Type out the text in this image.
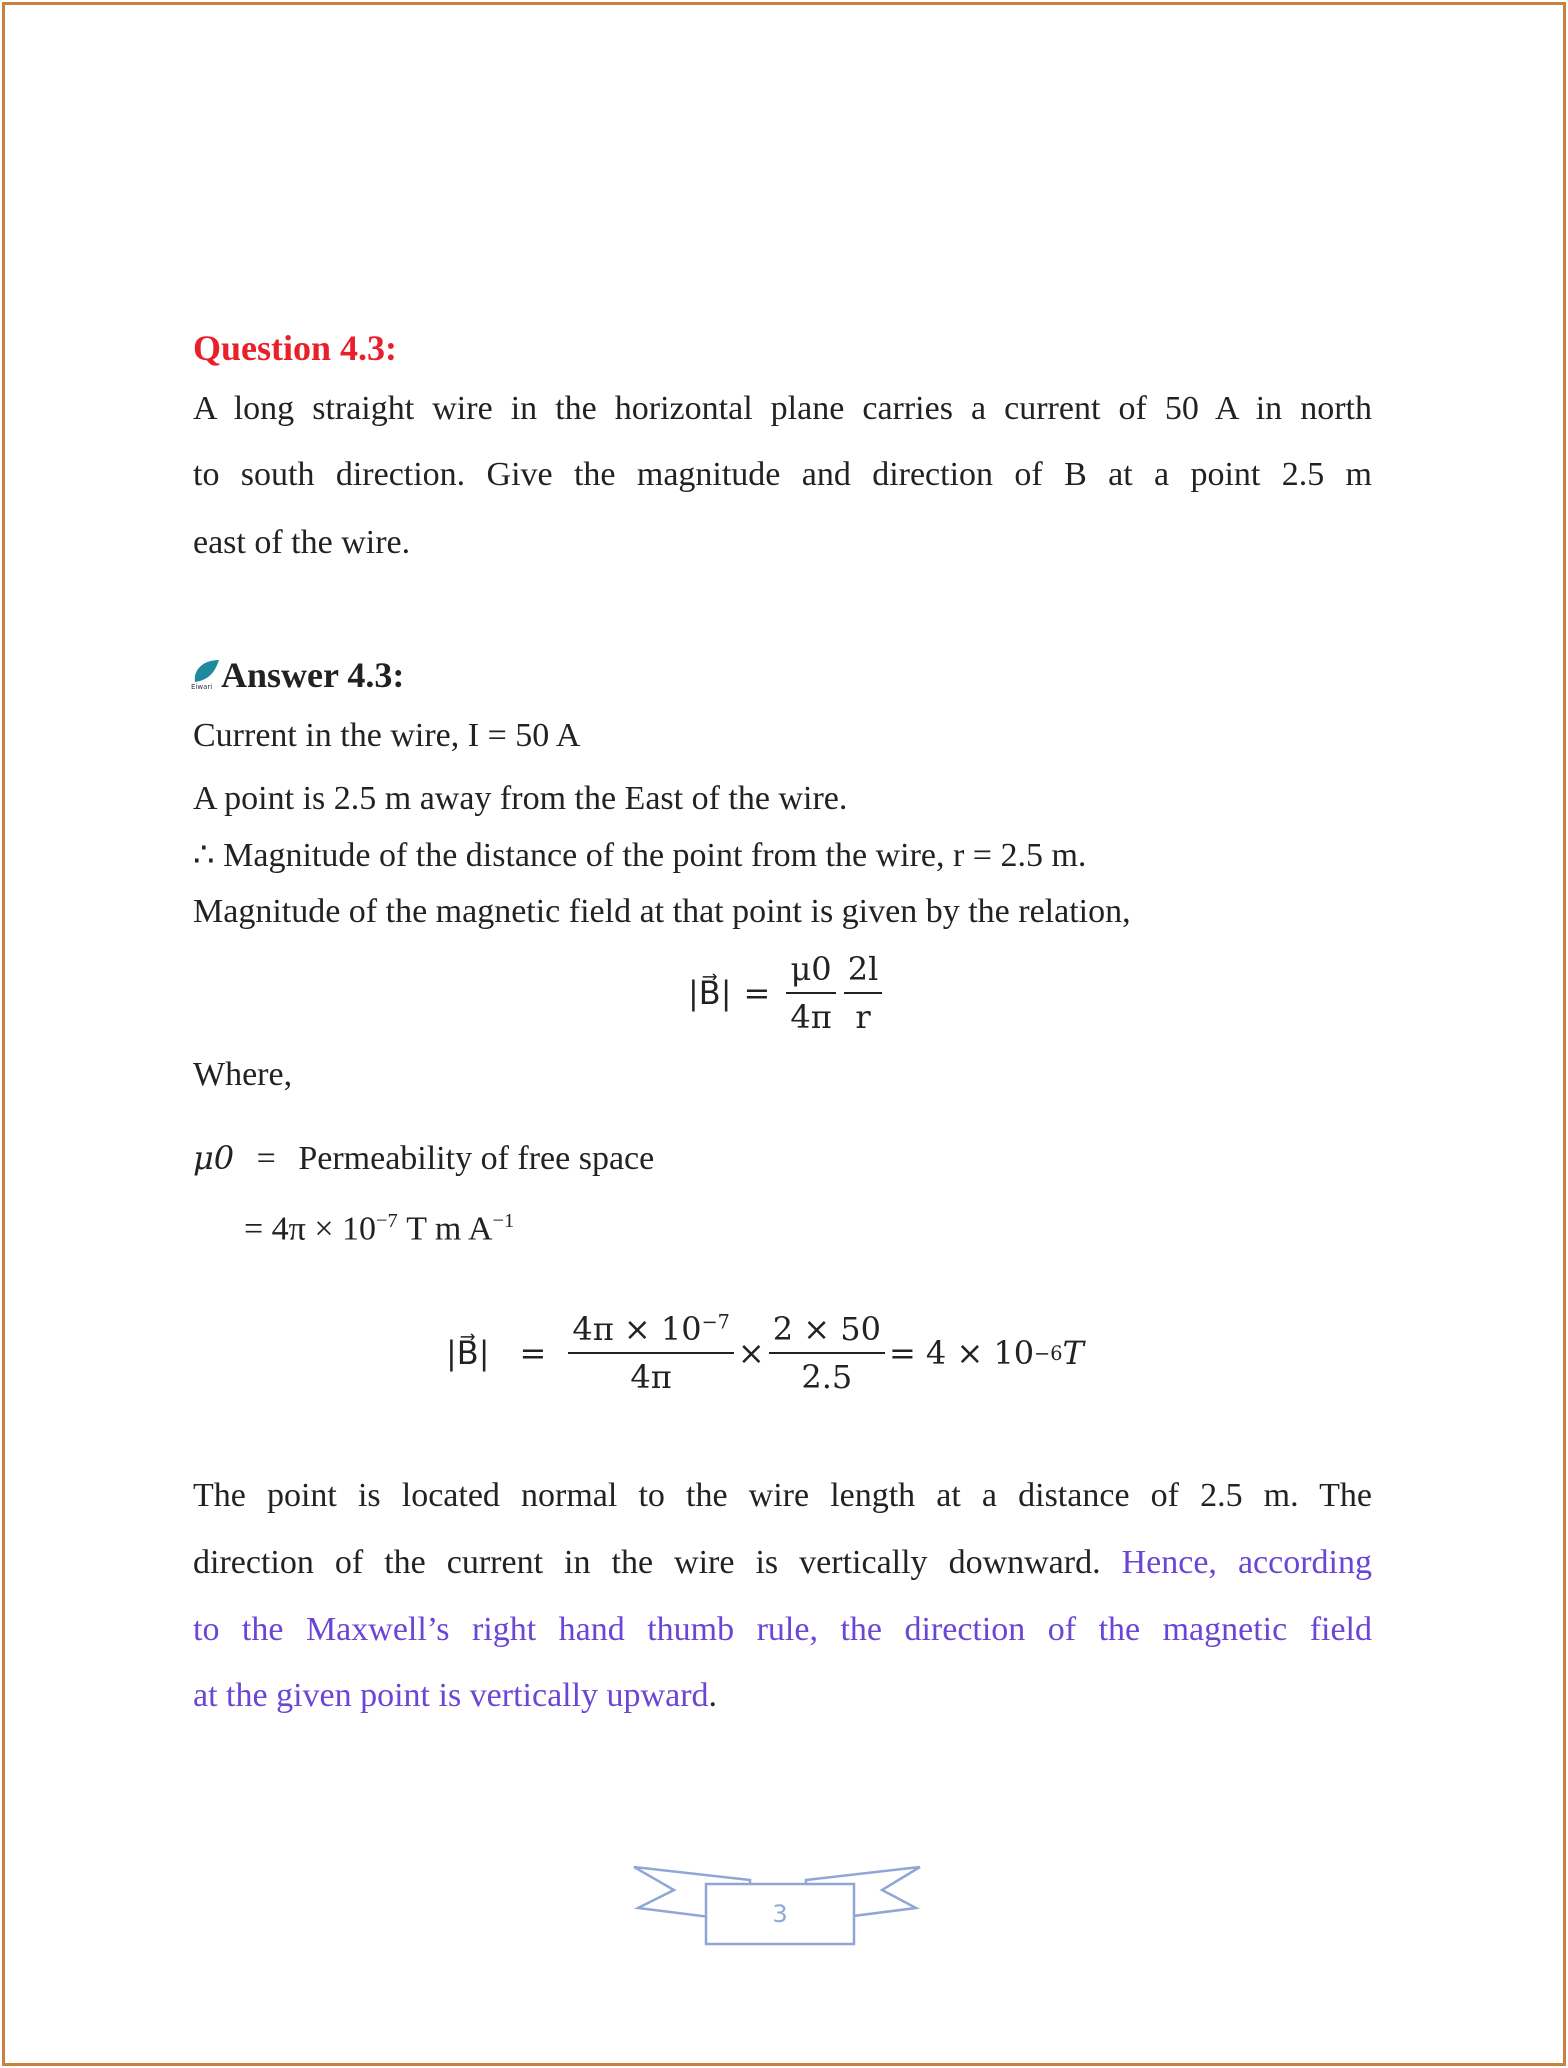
Question 4.3:
A long straight wire in the horizontal plane carries a current of 50 A in north
to south direction. Give the magnitude and direction of B at a point 2.5 m
east of the wire.
Eiwari Answer 4.3:
Current in the wire, I = 50 A
A point is 2.5 m away from the East of the wire.
∴ Magnitude of the distance of the point from the wire, r = 2.5 m.
Magnitude of the magnetic field at that point is given by the relation,
|B⃗| = $\frac{\mu 0}{4\pi} \frac{2l}{r}$
Where,
μ0 = Permeability of free space
= $4\pi \times 10^{-7}$ T m $A^{-1}$
|B⃗| = $\frac{4\pi \times 10^{-7}}{4\pi} \times \frac{2 \times 50}{2.5} = 4 \times 10 -6$ T
The point is located normal to the wire length at a distance of 2.5 m. The
direction of the current in the wire is vertically downward. Hence, according
to the Maxwell’s right hand thumb rule, the direction of the magnetic field
at the given point is vertically upward.
3
